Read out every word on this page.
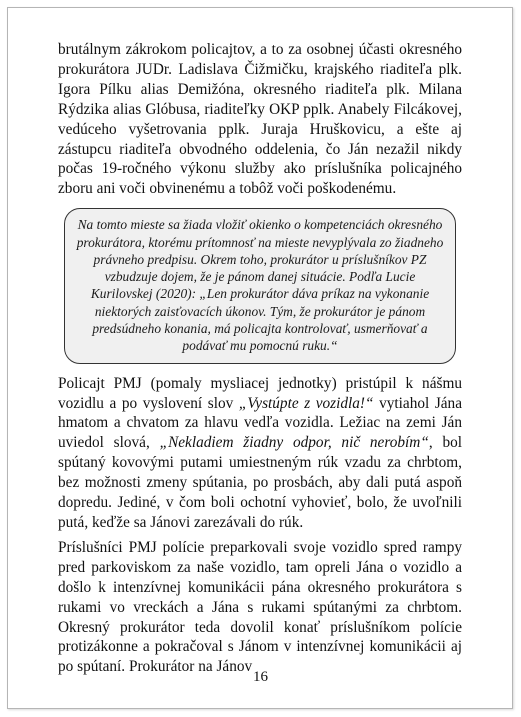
brutálnym zákrokom policajtov, a to za osobnej účasti okresného prokurátora JUDr. Ladislava Čižmičku, krajského riaditeľa plk. Igora Pílku alias Demižóna, okresného riaditeľa plk. Milana Rýdzika alias Glóbusa, riaditeľky OKP pplk. Anabely Filcákovej, vedúceho vyšetrovania pplk. Juraja Hruškovicu, a ešte aj zástupcu riaditeľa obvodného oddelenia, čo Ján nezažil nikdy počas 19-ročného výkonu služby ako príslušníka policajného zboru ani voči obvinenému a tobôž voči poškodenému.

Na tomto mieste sa žiada vložiť okienko o kompetenciách okresného prokurátora, ktorému prítomnosť na mieste nevyplývala zo žiadneho právneho predpisu. Okrem toho, prokurátor u príslušníkov PZ vzbudzuje dojem, že je pánom danej situácie. Podľa Lucie Kurilovskej (2020): „Len prokurátor dáva príkaz na vykonanie niektorých zaisťovacích úkonov. Tým, že prokurátor je pánom predsúdneho konania, má policajta kontrolovať, usmerňovať a podávať mu pomocnú ruku.“

Policajt PMJ (pomaly mysliacej jednotky) pristúpil k nášmu vozidlu a po vyslovení slov „Vystúpte z vozidla!“ vytiahol Jána hmatom a chvatom za hlavu vedľa vozidla. Ležiac na zemi Ján uviedol slová, „Nekladiem žiadny odpor, nič nerobím“, bol spútaný kovovými putami umiestneným rúk vzadu za chrbtom, bez možnosti zmeny spútania, po prosbách, aby dali putá aspoň dopredu. Jediné, v čom boli ochotní vyhovieť, bolo, že uvoľnili putá, keďže sa Jánovi zarezávali do rúk.

Príslušníci PMJ polície preparkovali svoje vozidlo spred rampy pred parkoviskom za naše vozidlo, tam opreli Jána o vozidlo a došlo k intenzívnej komunikácii pána okresného prokurátora s rukami vo vreckách a Jána s rukami spútanými za chrbtom. Okresný prokurátor teda dovolil konať príslušníkom polície protizákonne a pokračoval s Jánom v intenzívnej komunikácii aj po spútaní. Prokurátor na Jánov

16
